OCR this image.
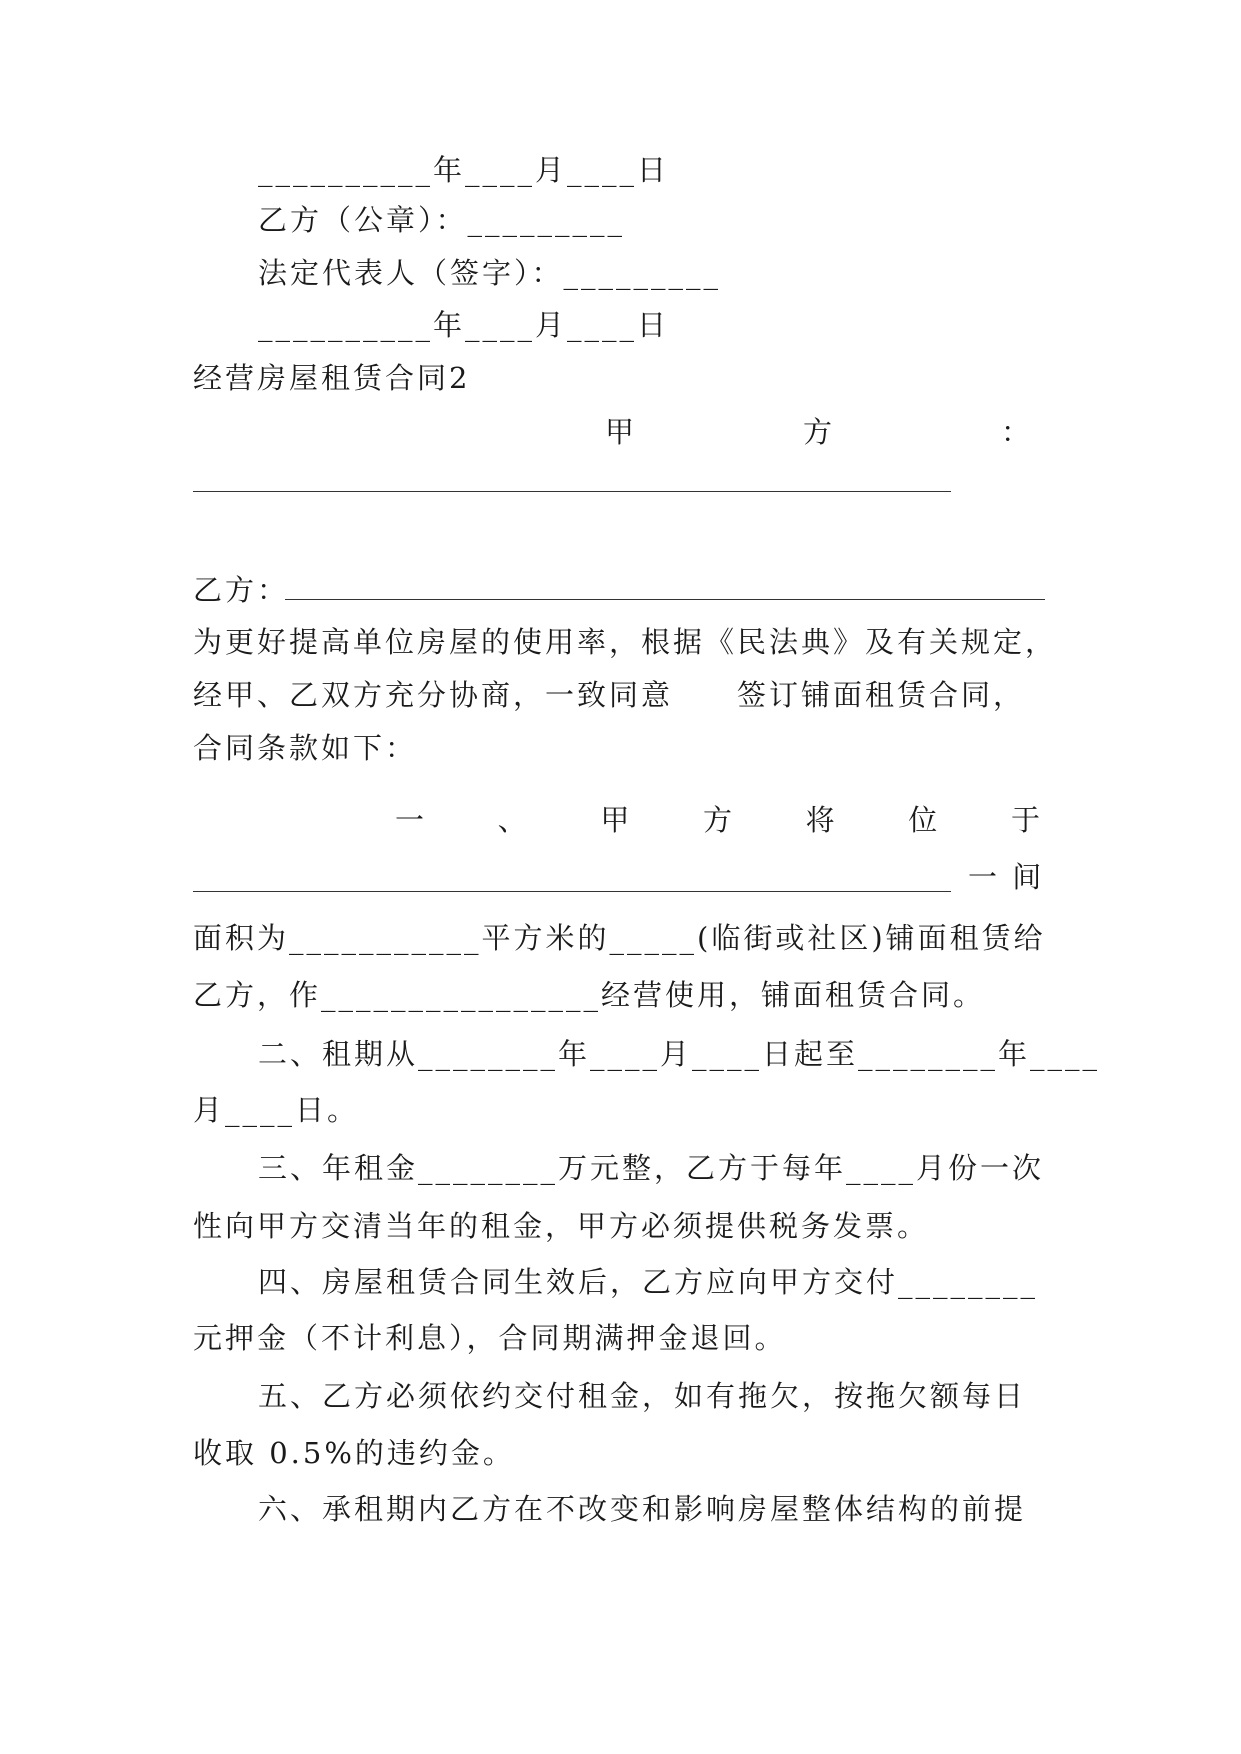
__________年____月____日
乙方（公章）：_________
法定代表人（签字）：_________
__________年____月____日
经营房屋租赁合同2
甲	方	：
乙方：
为更好提高单位房屋的使用率，根据《民法典》及有关规定，
经甲、乙双方充分协商，一致同意　　签订铺面租赁合同，
合同条款如下：
一	、	甲	方	将	位	于
一 间
面积为___________平方米的_____(临街或社区)铺面租赁给
乙方，作________________经营使用，铺面租赁合同。
二、租期从________年____月____日起至________年____
月____日。
三、年租金________万元整，乙方于每年____月份一次
性向甲方交清当年的租金，甲方必须提供税务发票。
四、房屋租赁合同生效后，乙方应向甲方交付________
元押金（不计利息），合同期满押金退回。
五、乙方必须依约交付租金，如有拖欠，按拖欠额每日
收取 0.5%的违约金。
六、承租期内乙方在不改变和影响房屋整体结构的前提
